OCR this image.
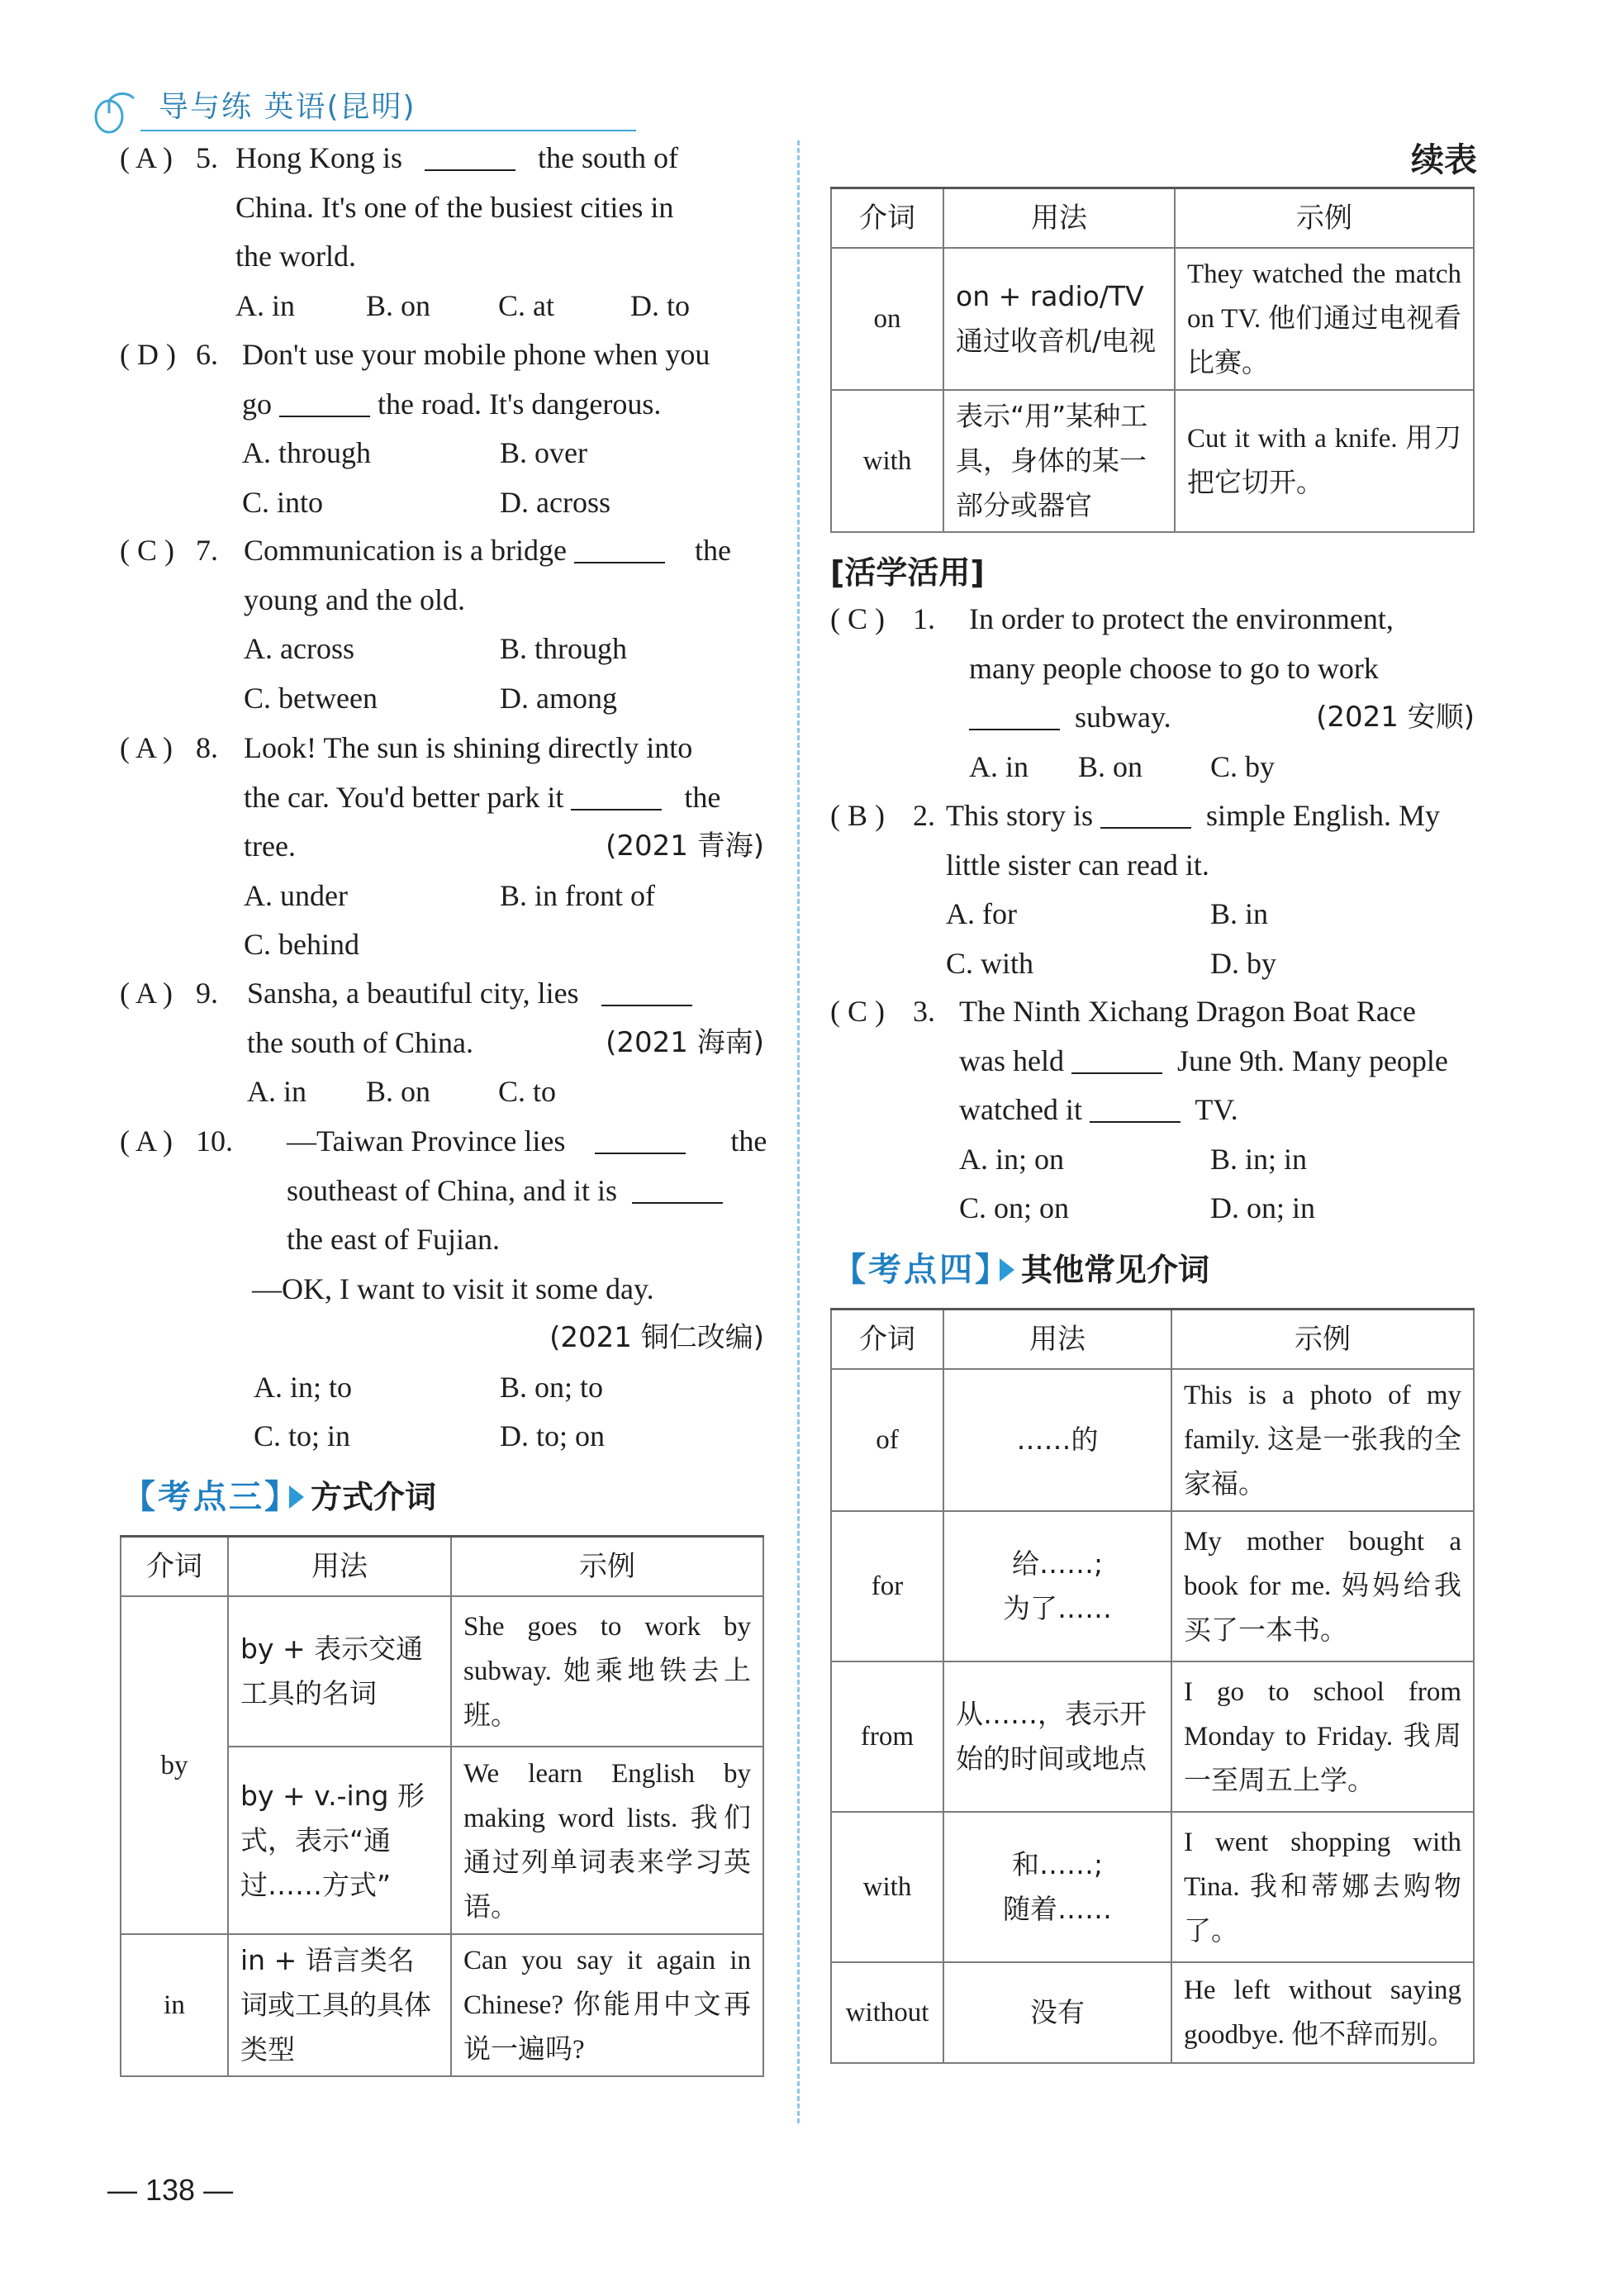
导与练 英语(昆明)
( A ) 5. Hong Kong is	the south of
China. It's one of the busiest cities in
the world.
A. in B. on C. at	D. to
( D ) 6. Don't use your mobile phone when you
go	the road. It's dangerous.
A. through	B. over
C. into	D. across
( C ) 7. Communication is a bridge	the
young and the old.
A. across	B. through
C. between	D. among
( A ) 8. Look! The sun is shining directly into
the car. You'd better park it	the
tree.	(2021 青海)
A. under	B. in front of
C. behind
( A ) 9. Sansha, a beautiful city, lies
the south of China.	(2021 海南)
A. in B. on C. to
( A ) 10. —Taiwan Province lies	the
southeast of China, and it is
the east of Fujian.
—OK, I want to visit it some day.
(2021 铜仁改编)
A. in; to	B. on; to
C. to; in	D. to; on
【考点三】 方式介词
介词	用法	示例
by	by + 表示交通工具的名词	She goes to work by subway. 她乘地铁去上班。
	by + v.-ing 形式，表示“通过……方式”	We learn English by making word lists. 我们通过列单词表来学习英语。
in	in + 语言类名词或工具的具体类型	Can you say it again in Chinese? 你能用中文再说一遍吗?
续表
介词	用法	示例
on	on + radio/TV 通过收音机/电视	They watched the match on TV. 他们通过电视看比赛。
with	表示“用”某种工具，身体的某一部分或器官	Cut it with a knife. 用刀把它切开。
[活学活用]
( C ) 1. In order to protect the environment,
many people choose to go to work
subway.	(2021 安顺)
A. in B. on C. by
( B ) 2. This story is	simple English. My
little sister can read it.
A. for	B. in
C. with	D. by
( C ) 3. The Ninth Xichang Dragon Boat Race
was held	June 9th. Many people
watched it	TV.
A. in; on	B. in; in
C. on; on	D. on; in
【考点四】 其他常见介词
介词	用法	示例
of	……的	This is a photo of my family. 这是一张我的全家福。
for	给……;
为了……	My mother bought a book for me. 妈妈给我买了一本书。
from	从……，表示开始的时间或地点	I go to school from Monday to Friday. 我周一至周五上学。
with	和……;
随着……	I went shopping with Tina. 我和蒂娜去购物了。
without	没有	He left without saying goodbye. 他不辞而别。
— 138 —
